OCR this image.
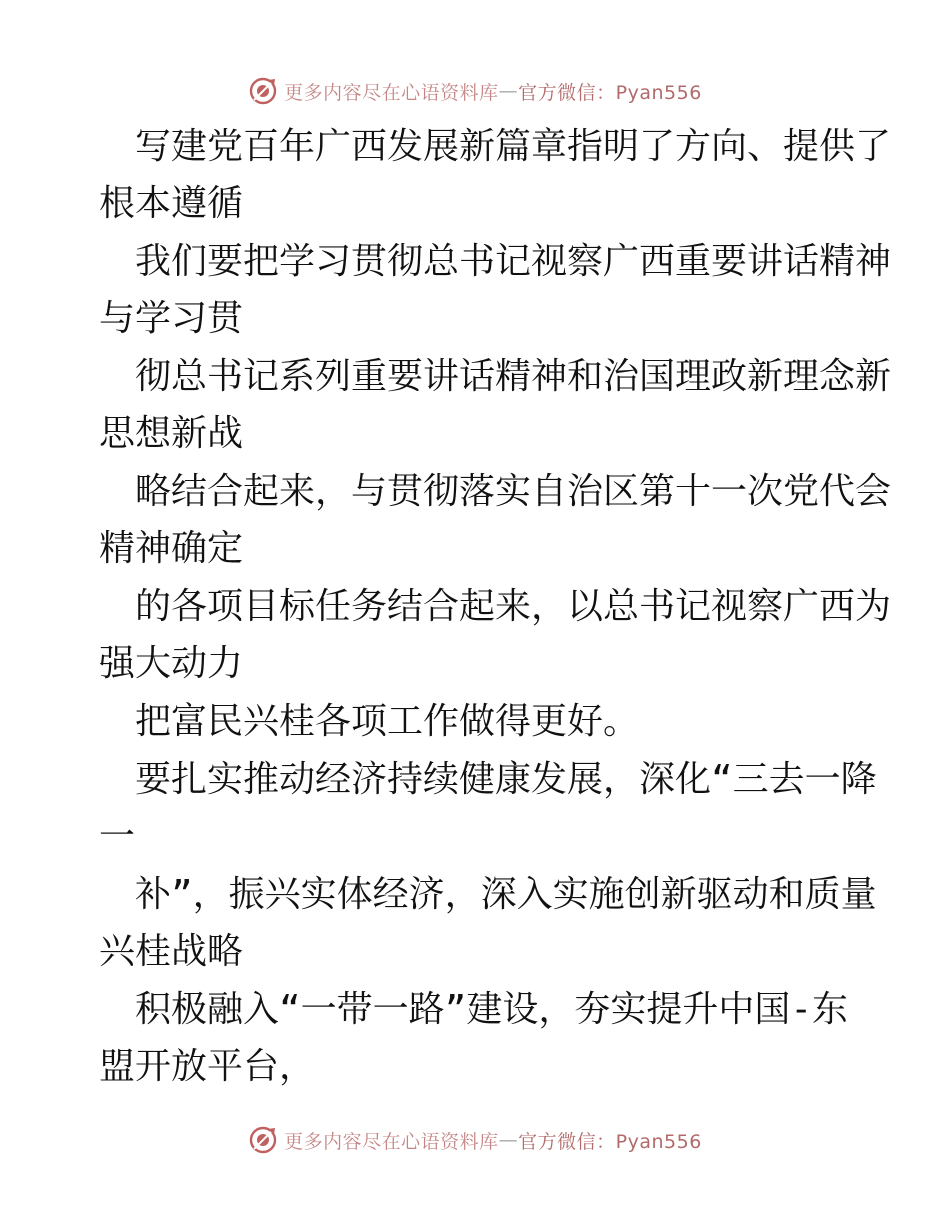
更多内容尽在心语资料库 — 官方微信：Pyan556
写建党百年广西发展新篇章指明了方向、提供了
根本遵循
我们要把学习贯彻总书记视察广西重要讲话精神
与学习贯
彻总书记系列重要讲话精神和治国理政新理念新
思想新战
略结合起来，与贯彻落实自治区第十一次党代会
精神确定
的各项目标任务结合起来，以总书记视察广西为
强大动力
把富民兴桂各项工作做得更好。
要扎实推动经济持续健康发展，深化“三去一降
一
补”，振兴实体经济，深入实施创新驱动和质量
兴桂战略
积极融入“一带一路”建设，夯实提升中国-东
盟开放平台，
更多内容尽在心语资料库 — 官方微信：Pyan556
